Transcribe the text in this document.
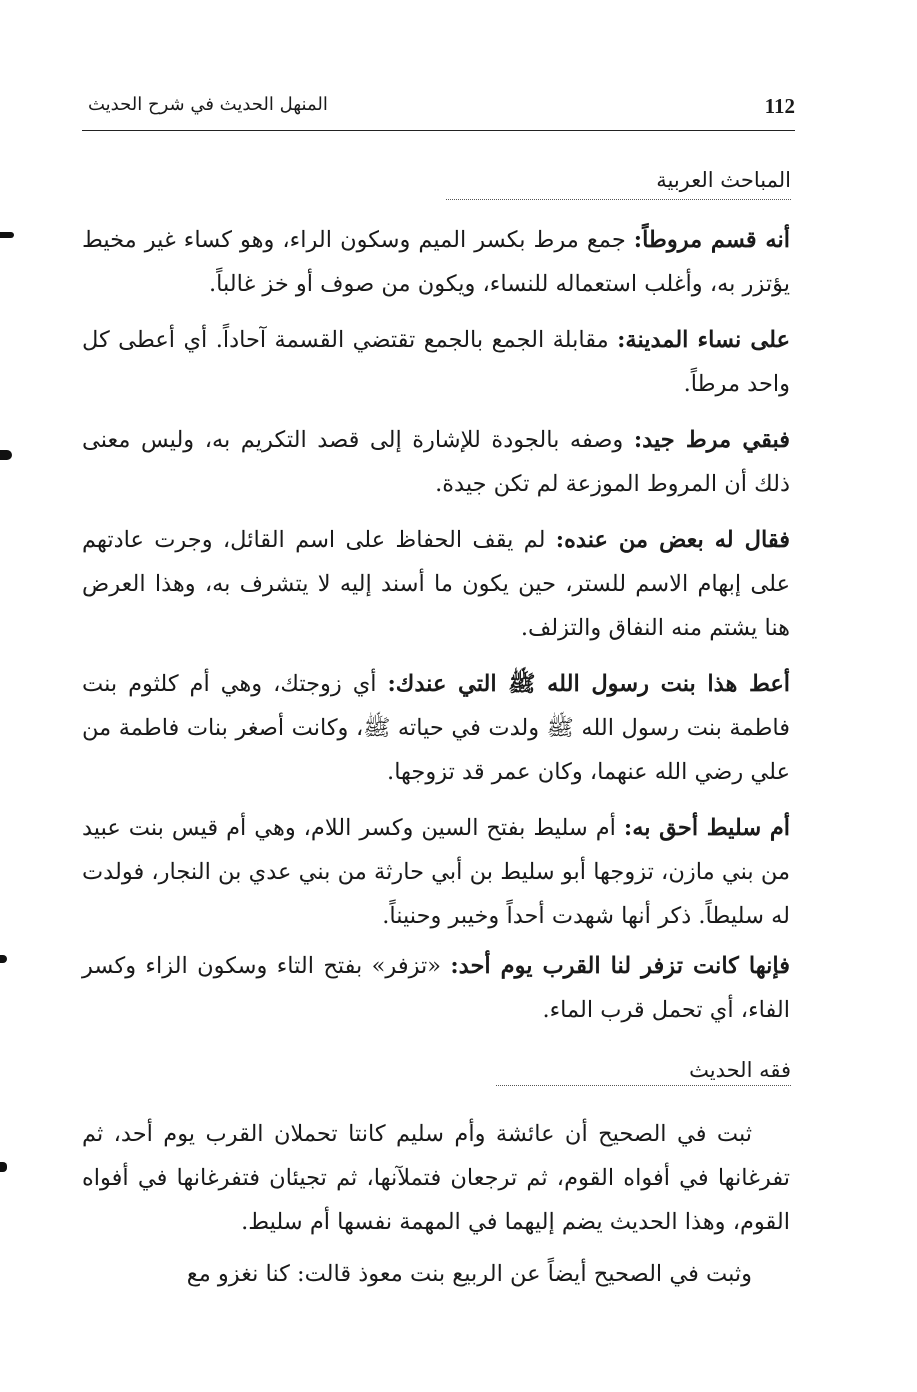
112
المنهل الحديث في شرح الحديث
المباحث العربية

أنه قسم مروطاً: جمع مرط بكسر الميم وسكون الراء، وهو كساء غير مخيط يؤتزر به، وأغلب استعماله للنساء، ويكون من صوف أو خز غالباً.

على نساء المدينة: مقابلة الجمع بالجمع تقتضي القسمة آحاداً. أي أعطى كل واحد مرطاً.

فبقي مرط جيد: وصفه بالجودة للإشارة إلى قصد التكريم به، وليس معنى ذلك أن المروط الموزعة لم تكن جيدة.

فقال له بعض من عنده: لم يقف الحفاظ على اسم القائل، وجرت عادتهم على إبهام الاسم للستر، حين يكون ما أسند إليه لا يتشرف به، وهذا العرض هنا يشتم منه النفاق والتزلف.

أعط هذا بنت رسول الله ﷺ التي عندك: أي زوجتك، وهي أم كلثوم بنت فاطمة بنت رسول الله ﷺ ولدت في حياته ﷺ، وكانت أصغر بنات فاطمة من علي رضي الله عنهما، وكان عمر قد تزوجها.

أم سليط أحق به: أم سليط بفتح السين وكسر اللام، وهي أم قيس بنت عبيد من بني مازن، تزوجها أبو سليط بن أبي حارثة من بني عدي بن النجار، فولدت له سليطاً. ذكر أنها شهدت أحداً وخيبر وحنيناً.

فإنها كانت تزفر لنا القرب يوم أحد: «تزفر» بفتح التاء وسكون الزاء وكسر الفاء، أي تحمل قرب الماء.

فقه الحديث

ثبت في الصحيح أن عائشة وأم سليم كانتا تحملان القرب يوم أحد، ثم تفرغانها في أفواه القوم، ثم ترجعان فتملآنها، ثم تجيئان فتفرغانها في أفواه القوم، وهذا الحديث يضم إليهما في المهمة نفسها أم سليط.

وثبت في الصحيح أيضاً عن الربيع بنت معوذ قالت: كنا نغزو مع
